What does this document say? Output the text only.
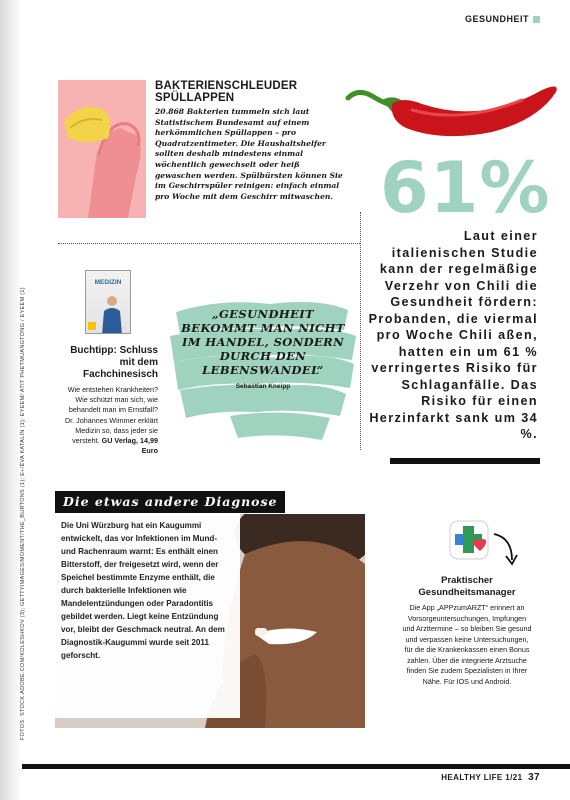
GESUNDHEIT
FOTOS: STOCK.ADOBE.COM/KOLESHKOV (3); GETTYIMAGES/MOMENT/THE_BURTONS (1); E+/ÉVA KATALIN (1); EYEEM/ ATIT PHETMUANGTONG / EYEEM (1)
BAKTERIENSCHLEUDER SPÜLLAPPEN

20.868 Bakterien tummeln sich laut Statistischem Bundesamt auf einem herkömmlichen Spüllappen – pro Quadratzentimeter. Die Haushaltshelfer sollten deshalb mindestens einmal wöchentlich gewechselt oder heiß gewaschen werden. Spülbürsten können Sie im Geschirrspüler reinigen: einfach einmal pro Woche mit dem Geschirr mitwaschen. 61%
Laut einer italienischen Studie kann der regelmäßige Verzehr von Chili die Gesundheit fördern: Probanden, die viermal pro Woche Chili aßen, hatten ein um 61 % verringertes Risiko für Schlaganfälle. Das Risiko für einen Herzinfarkt sank um 34 %.
MEDIZIN
Buchtipp: Schluss mit dem Fachchinesisch

Wie entstehen Krankheiten? Wie schützt man sich, wie behandelt man im Ernstfall? Dr. Johannes Wimmer erklärt Medizin so, dass jeder sie versteht. GU Verlag, 14,99 Euro

„GESUNDHEIT BEKOMMT MAN NICHT IM HANDEL, SONDERN DURCH DEN LEBENSWANDEL“

Sebastian Kneipp
Die etwas andere Diagnose

Die Uni Würzburg hat ein Kaugummi entwickelt, das vor Infektionen im Mund- und Rachenraum warnt: Es enthält einen Bitterstoff, der freigesetzt wird, wenn der Speichel bestimmte Enzyme enthält, die durch bakterielle Infektionen wie Mandelentzündungen oder Paradontitis gebildet werden. Liegt keine Entzündung vor, bleibt der Geschmack neutral. An dem Diagnostik-Kaugummi wurde seit 2011 geforscht.

Praktischer Gesundheitsmanager

Die App „APPzumARZT“ erinnert an Vorsorgeuntersuchungen, Impfungen und Arzttermine – so bleiben Sie gesund und verpassen keine Untersuchungen, für die die Krankenkassen einen Bonus zahlen. Über die integrierte Arztsuche finden Sie zudem Spezialisten in Ihrer Nähe. Für IOS und Android.

HEALTHY LIFE 1/21 37
